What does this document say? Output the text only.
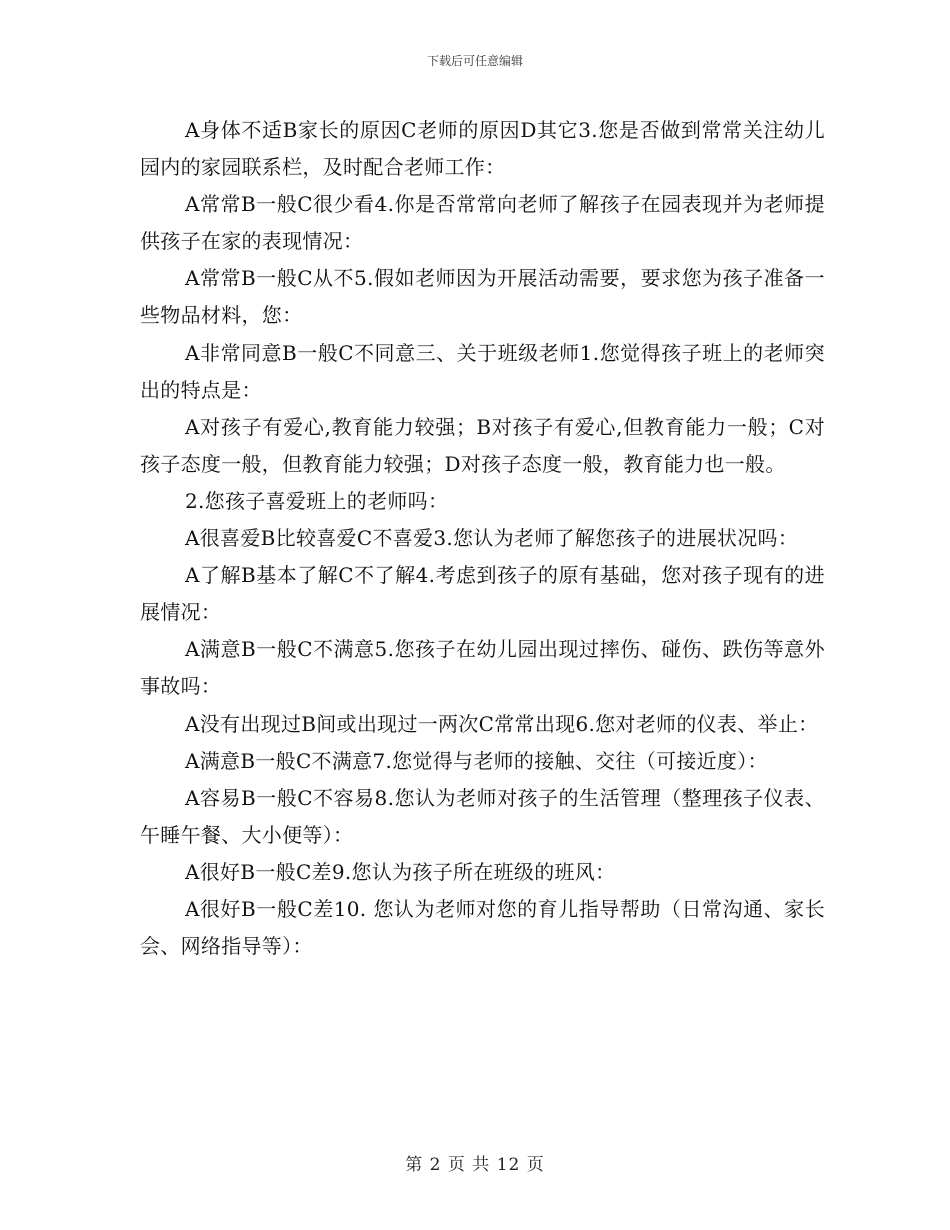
下载后可任意编辑

A身体不适B家长的原因C老师的原因D其它3.您是否做到常常关注幼儿园内的家园联系栏，及时配合老师工作：

A常常B一般C很少看4.你是否常常向老师了解孩子在园表现并为老师提供孩子在家的表现情况：

A常常B一般C从不5.假如老师因为开展活动需要，要求您为孩子准备一些物品材料，您：

A非常同意B一般C不同意三、关于班级老师1.您觉得孩子班上的老师突出的特点是：

A对孩子有爱心,教育能力较强；B对孩子有爱心,但教育能力一般；C对孩子态度一般，但教育能力较强；D对孩子态度一般，教育能力也一般。

2.您孩子喜爱班上的老师吗：

A很喜爱B比较喜爱C不喜爱3.您认为老师了解您孩子的进展状况吗：

A了解B基本了解C不了解4.考虑到孩子的原有基础，您对孩子现有的进展情况：

A满意B一般C不满意5.您孩子在幼儿园出现过摔伤、碰伤、跌伤等意外事故吗：

A没有出现过B间或出现过一两次C常常出现6.您对老师的仪表、举止：

A满意B一般C不满意7.您觉得与老师的接触、交往（可接近度）：

A容易B一般C不容易8.您认为老师对孩子的生活管理（整理孩子仪表、午睡午餐、大小便等）：

A很好B一般C差9.您认为孩子所在班级的班风：

A很好B一般C差10. 您认为老师对您的育儿指导帮助（日常沟通、家长会、网络指导等）：

第 2 页 共 12 页
